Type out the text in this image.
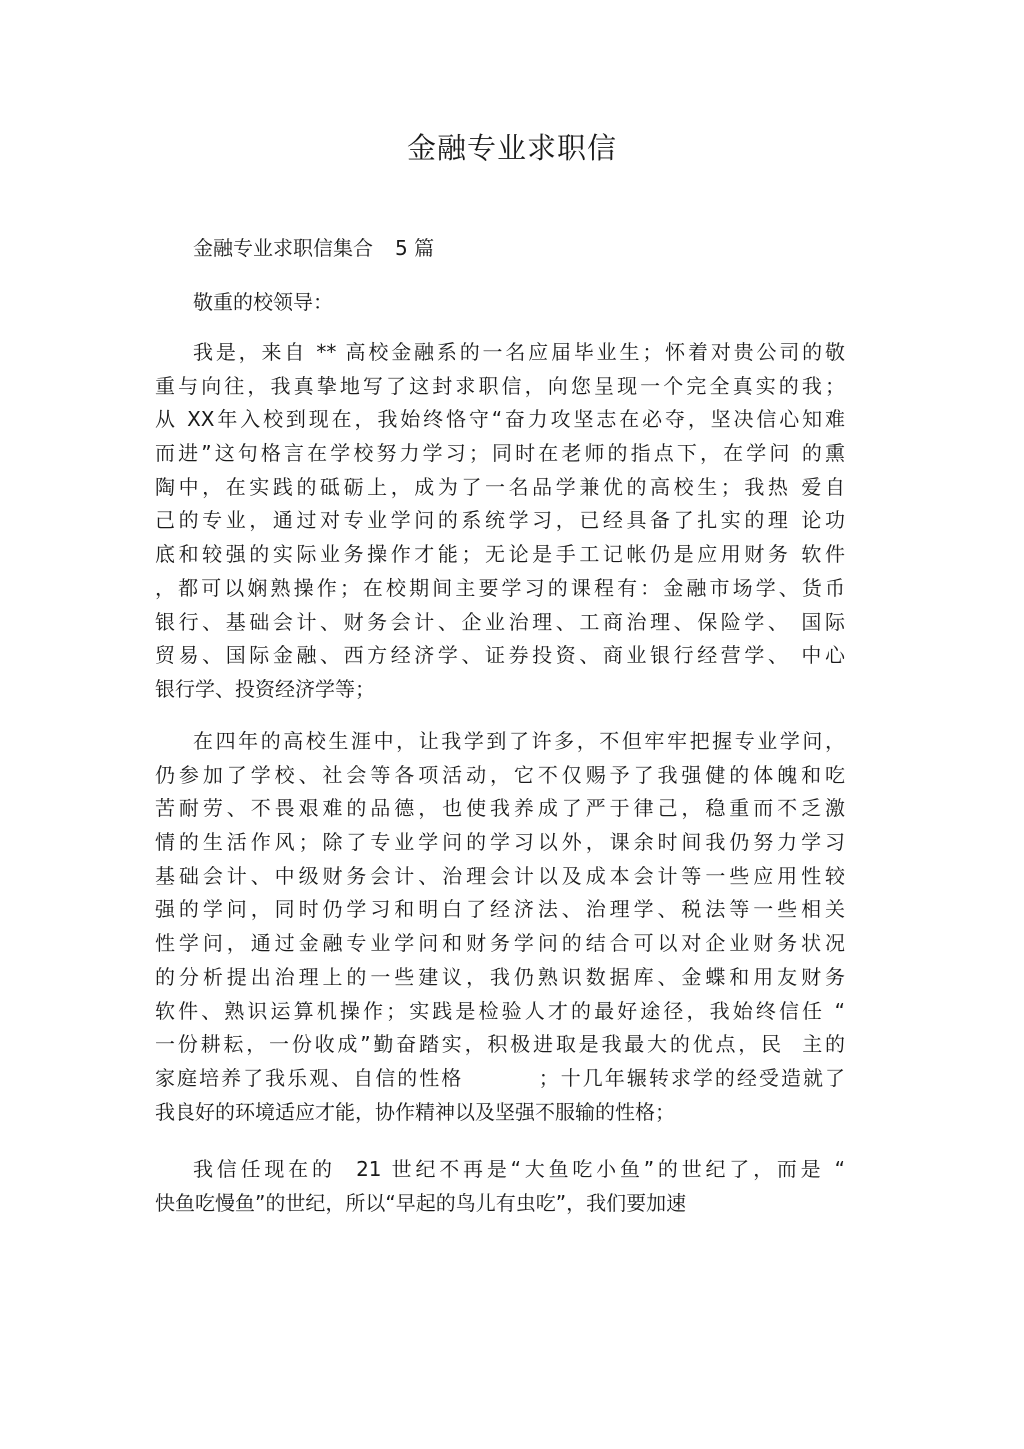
金融专业求职信

金融专业求职信集合 5 篇

敬重的校领导：

我是，来自 ** 高校金融系的一名应届毕业生；怀着对贵公司的敬
重与向往，我真挚地写了这封求职信，向您呈现一个完全真实的我；
从 XX年入校到现在，我始终恪守“奋力攻坚志在必夺，坚决信心知难
而进”这句格言在学校努力学习；同时在老师的指点下，在学问 的熏
陶中，在实践的砥砺上，成为了一名品学兼优的高校生；我热 爱自
己的专业，通过对专业学问的系统学习，已经具备了扎实的理 论功
底和较强的实际业务操作才能；无论是手工记帐仍是应用财务 软件
，都可以娴熟操作；在校期间主要学习的课程有：金融市场学、货币
银行、基础会计、财务会计、企业治理、工商治理、保险学、 国际
贸易、国际金融、西方经济学、证券投资、商业银行经营学、 中心
银行学、投资经济学等；
在四年的高校生涯中，让我学到了许多，不但牢牢把握专业学问，
仍参加了学校、社会等各项活动，它不仅赐予了我强健的体魄和吃
苦耐劳、不畏艰难的品德，也使我养成了严于律己，稳重而不乏激
情的生活作风；除了专业学问的学习以外，课余时间我仍努力学习
基础会计、中级财务会计、治理会计以及成本会计等一些应用性较
强的学问，同时仍学习和明白了经济法、治理学、税法等一些相关
性学问，通过金融专业学问和财务学问的结合可以对企业财务状况
的分析提出治理上的一些建议，我仍熟识数据库、金蝶和用友财务
软件、熟识运算机操作；实践是检验人才的最好途径，我始终信任 “
一份耕耘，一份收成”勤奋踏实，积极进取是我最大的优点，民  主的
家庭培养了我乐观、自信的性格         ；十几年辗转求学的经受造就了
我良好的环境适应才能，协作精神以及坚强不服输的性格；
我信任现在的  21 世纪不再是“大鱼吃小鱼”的世纪了，而是 “
快鱼吃慢鱼”的世纪，所以“早起的鸟儿有虫吃”，我们要加速
